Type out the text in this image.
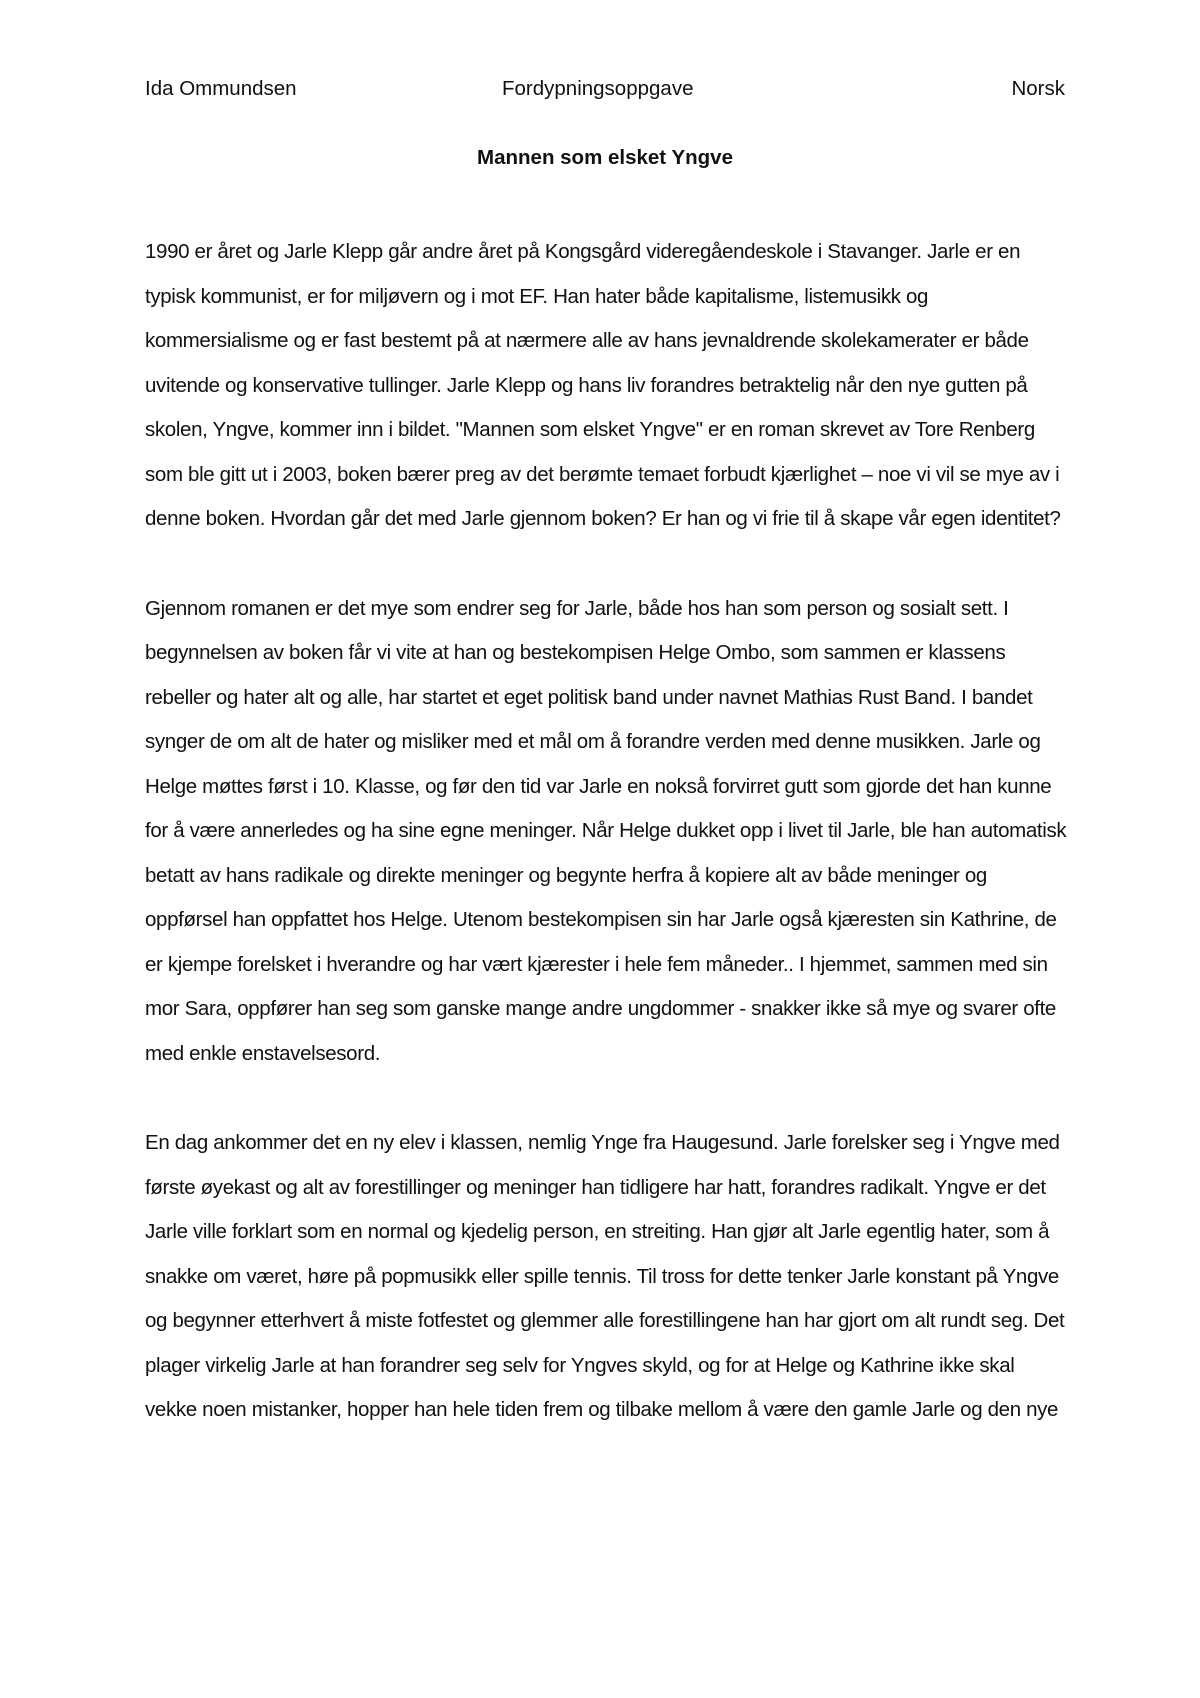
Ida Ommundsen	Fordypningsoppgave	Norsk
Mannen som elsket Yngve

1990 er året og Jarle Klepp går andre året på Kongsgård videregåendeskole i Stavanger. Jarle er en typisk kommunist, er for miljøvern og i mot EF. Han hater både kapitalisme, listemusikk og kommersialisme og er fast bestemt på at nærmere alle av hans jevnaldrende skolekamerater er både uvitende og konservative tullinger. Jarle Klepp og hans liv forandres betraktelig når den nye gutten på skolen, Yngve, kommer inn i bildet. "Mannen som elsket Yngve" er en roman skrevet av Tore Renberg som ble gitt ut i 2003, boken bærer preg av det berømte temaet forbudt kjærlighet – noe vi vil se mye av i denne boken. Hvordan går det med Jarle gjennom boken? Er han og vi frie til å skape vår egen identitet?

Gjennom romanen er det mye som endrer seg for Jarle, både hos han som person og sosialt sett. I begynnelsen av boken får vi vite at han og bestekompisen Helge Ombo, som sammen er klassens rebeller og hater alt og alle, har startet et eget politisk band under navnet Mathias Rust Band. I bandet synger de om alt de hater og misliker med et mål om å forandre verden med denne musikken. Jarle og Helge møttes først i 10. Klasse, og før den tid var Jarle en nokså forvirret gutt som gjorde det han kunne for å være annerledes og ha sine egne meninger. Når Helge dukket opp i livet til Jarle, ble han automatisk betatt av hans radikale og direkte meninger og begynte herfra å kopiere alt av både meninger og oppførsel han oppfattet hos Helge. Utenom bestekompisen sin har Jarle også kjæresten sin Kathrine, de er kjempe forelsket i hverandre og har vært kjærester i hele fem måneder.. I hjemmet, sammen med sin mor Sara, oppfører han seg som ganske mange andre ungdommer - snakker ikke så mye og svarer ofte med enkle enstavelsesord.

En dag ankommer det en ny elev i klassen, nemlig Ynge fra Haugesund. Jarle forelsker seg i Yngve med første øyekast og alt av forestillinger og meninger han tidligere har hatt, forandres radikalt. Yngve er det Jarle ville forklart som en normal og kjedelig person, en streiting. Han gjør alt Jarle egentlig hater, som å snakke om været, høre på popmusikk eller spille tennis. Til tross for dette tenker Jarle konstant på Yngve og begynner etterhvert å miste fotfestet og glemmer alle forestillingene han har gjort om alt rundt seg. Det plager virkelig Jarle at han forandrer seg selv for Yngves skyld, og for at Helge og Kathrine ikke skal vekke noen mistanker, hopper han hele tiden frem og tilbake mellom å være den gamle Jarle og den nye
